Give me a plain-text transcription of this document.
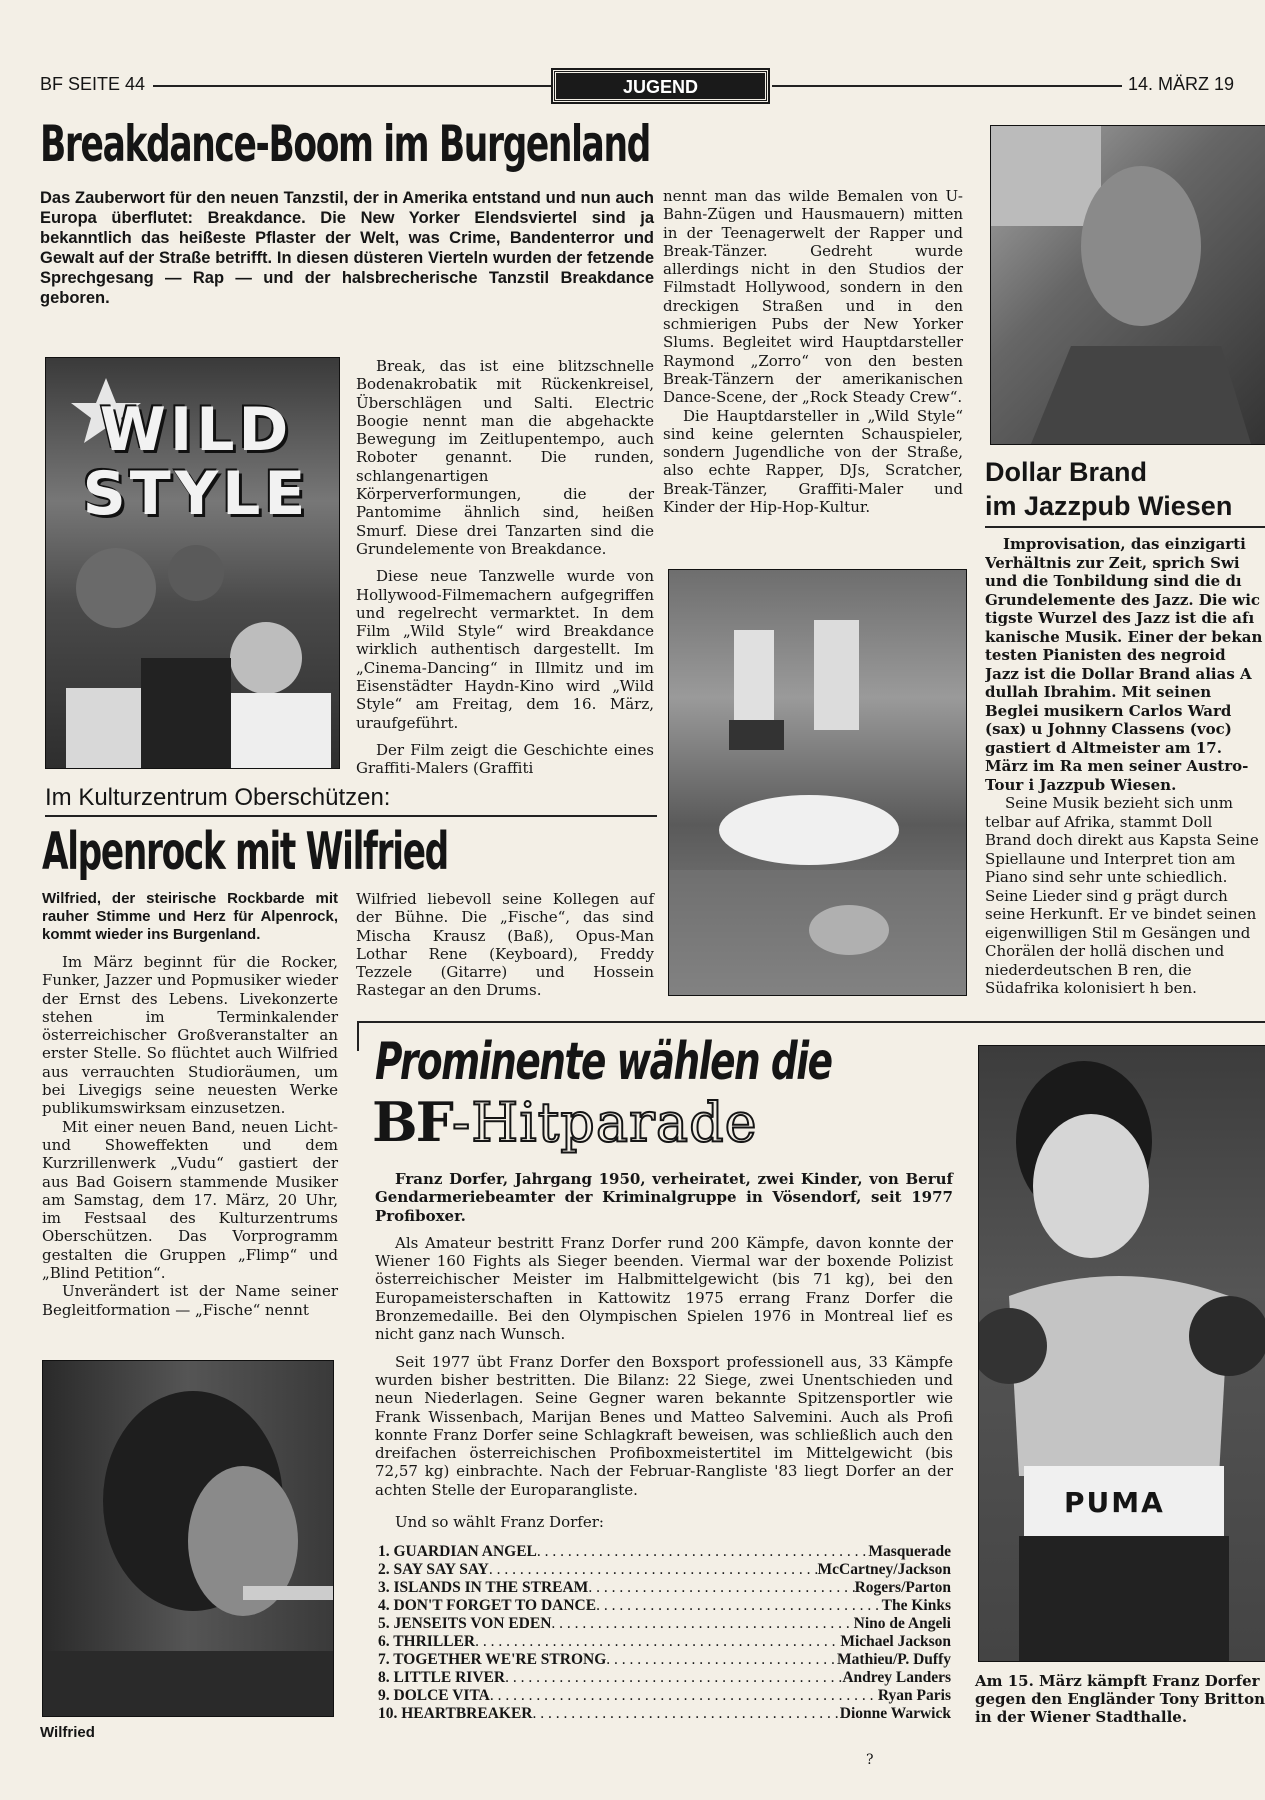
BF SEITE 44	JUGEND	14. MÄRZ 19
Breakdance-Boom im Burgenland
Das Zauberwort für den neuen Tanzstil, der in Amerika entstand und nun auch Europa überflutet: Breakdance. Die New Yorker Elendsviertel sind ja bekanntlich das heißeste Pflaster der Welt, was Crime, Bandenterror und Gewalt auf der Straße betrifft. In diesen düsteren Vierteln wurden der fetzende Sprechgesang — Rap — und der halsbrecherische Tanzstil Breakdance geboren.
WILD STYLE

Break, das ist eine blitzschnelle Bodenakrobatik mit Rückenkreisel, Überschlägen und Salti. Electric Boogie nennt man die abgehackte Bewegung im Zeitlupentempo, auch Roboter genannt. Die runden, schlangenartigen Körperverformungen, die der Pantomime ähnlich sind, heißen Smurf. Diese drei Tanzarten sind die Grundelemente von Breakdance.

Diese neue Tanzwelle wurde von Hollywood-Filmemachern aufgegriffen und regelrecht vermarktet. In dem Film „Wild Style“ wird Breakdance wirklich authentisch dargestellt. Im „Cinema-Dancing“ in Illmitz und im Eisenstädter Haydn-Kino wird „Wild Style“ am Freitag, dem 16. März, uraufgeführt.

Der Film zeigt die Geschichte eines Graffiti-Malers (Graffiti

nennt man das wilde Bemalen von U-Bahn-Zügen und Hausmauern) mitten in der Teenagerwelt der Rapper und Break-Tänzer. Gedreht wurde allerdings nicht in den Studios der Filmstadt Hollywood, sondern in den dreckigen Straßen und in den schmierigen Pubs der New Yorker Slums. Begleitet wird Hauptdarsteller Raymond „Zorro“ von den besten Break-Tänzern der amerikanischen Dance-Scene, der „Rock Steady Crew“.

Die Hauptdarsteller in „Wild Style“ sind keine gelernten Schauspieler, sondern Jugendliche von der Straße, also echte Rapper, DJs, Scratcher, Break-Tänzer, Graffiti-Maler und Kinder der Hip-Hop-Kultur.

Dollar Brand
im Jazzpub Wiesen

Improvisation, das einzigarti Verhältnis zur Zeit, sprich Swi und die Tonbildung sind die dı Grundelemente des Jazz. Die wic tigste Wurzel des Jazz ist die afı kanische Musik. Einer der bekan testen Pianisten des negroid Jazz ist die Dollar Brand alias A dullah Ibrahim. Mit seinen Beglei musikern Carlos Ward (sax) u Johnny Classens (voc) gastiert d Altmeister am 17. März im Ra men seiner Austro-Tour i Jazzpub Wiesen.

Seine Musik bezieht sich unm telbar auf Afrika, stammt Doll Brand doch direkt aus Kapsta Seine Spiellaune und Interpret tion am Piano sind sehr unte schiedlich. Seine Lieder sind g prägt durch seine Herkunft. Er ve bindet seinen eigenwilligen Stil m Gesängen und Chorälen der hollä dischen und niederdeutschen B ren, die Südafrika kolonisiert h ben.

Im Kulturzentrum Oberschützen:
Alpenrock mit Wilfried

Wilfried, der steirische Rockbarde mit rauher Stimme und Herz für Alpenrock, kommt wieder ins Burgenland.

Im März beginnt für die Rocker, Funker, Jazzer und Popmusiker wieder der Ernst des Lebens. Livekonzerte stehen im Terminkalender österreichischer Großveranstalter an erster Stelle. So flüchtet auch Wilfried aus verrauchten Studioräumen, um bei Livegigs seine neuesten Werke publikumswirksam einzusetzen.

Mit einer neuen Band, neuen Licht- und Showeffekten und dem Kurzrillenwerk „Vudu“ gastiert der aus Bad Goisern stammende Musiker am Samstag, dem 17. März, 20 Uhr, im Festsaal des Kulturzentrums Oberschützen. Das Vorprogramm gestalten die Gruppen „Flimp“ und „Blind Petition“.

Unverändert ist der Name seiner Begleitformation — „Fische“ nennt

Wilfried liebevoll seine Kollegen auf der Bühne. Die „Fische“, das sind Mischa Krausz (Baß), Opus-Man Lothar Rene (Keyboard), Freddy Tezzele (Gitarre) und Hossein Rastegar an den Drums.

Wilfried
Prominente wählen die
BF-Hitparade

Franz Dorfer, Jahrgang 1950, verheiratet, zwei Kinder, von Beruf Gendarmeriebeamter der Kriminalgruppe in Vösendorf, seit 1977 Profiboxer.

Als Amateur bestritt Franz Dorfer rund 200 Kämpfe, davon konnte der Wiener 160 Fights als Sieger beenden. Viermal war der boxende Polizist österreichischer Meister im Halbmittelgewicht (bis 71 kg), bei den Europameisterschaften in Kattowitz 1975 errang Franz Dorfer die Bronzemedaille. Bei den Olympischen Spielen 1976 in Montreal lief es nicht ganz nach Wunsch.

Seit 1977 übt Franz Dorfer den Boxsport professionell aus, 33 Kämpfe wurden bisher bestritten. Die Bilanz: 22 Siege, zwei Unentschieden und neun Niederlagen. Seine Gegner waren bekannte Spitzensportler wie Frank Wissenbach, Marijan Benes und Matteo Salvemini. Auch als Profi konnte Franz Dorfer seine Schlagkraft beweisen, was schließlich auch den dreifachen österreichischen Profiboxmeistertitel im Mittelgewicht (bis 72,57 kg) einbrachte. Nach der Februar-Rangliste '83 liegt Dorfer an der achten Stelle der Europarangliste.

Und so wählt Franz Dorfer:

1. GUARDIAN ANGEL . . .	Masquerade
2. SAY SAY SAY . . .	McCartney/Jackson
3. ISLANDS IN THE STREAM . . .	Rogers/Parton
4. DON'T FORGET TO DANCE . . .	The Kinks
5. JENSEITS VON EDEN . . .	Nino de Angeli
6. THRILLER . . .	Michael Jackson
7. TOGETHER WE'RE STRONG . . .	Mathieu/P. Duffy
8. LITTLE RIVER . . .	Andrey Landers
9. DOLCE VITA . . .	Ryan Paris
10. HEARTBREAKER . . .	Dionne Warwick
PUMA
Am 15. März kämpft Franz Dorfer gegen den Engländer Tony Britton in der Wiener Stadthalle.
?
